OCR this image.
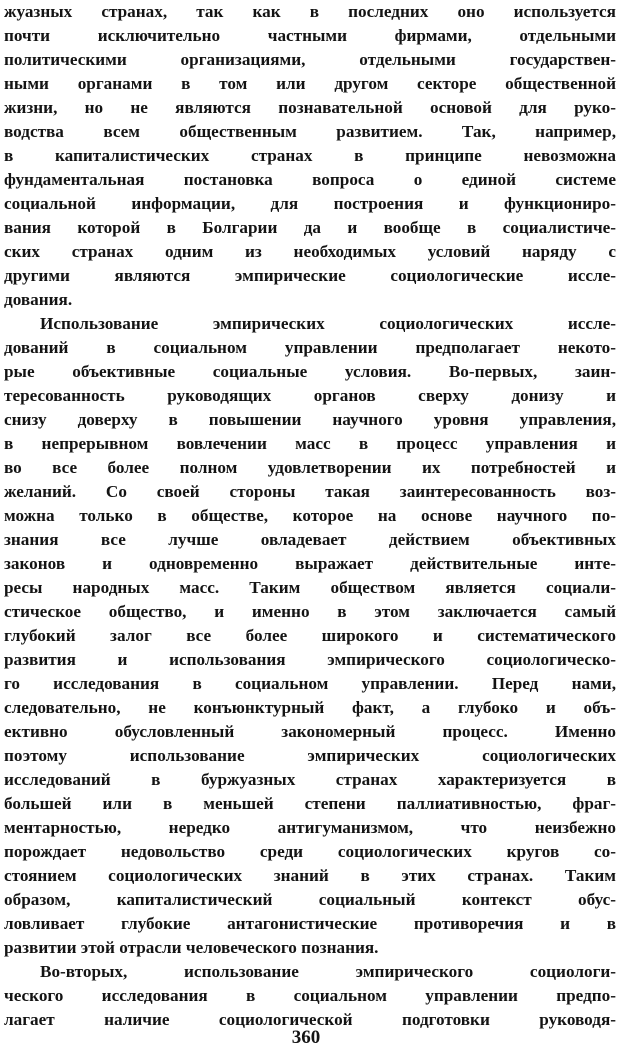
жуазных странах, так как в последних оно используется
почти исключительно частными фирмами, отдельными
политическими организациями, отдельными государствен-
ными органами в том или другом секторе общественной
жизни, но не являются познавательной основой для руко-
водства всем общественным развитием. Так, например,
в капиталистических странах в принципе невозможна
фундаментальная постановка вопроса о единой системе
социальной информации, для построения и функциониро-
вания которой в Болгарии да и вообще в социалистиче-
ских странах одним из необходимых условий наряду с
другими являются эмпирические социологические иссле-
дования.
Использование эмпирических социологических иссле-
дований в социальном управлении предполагает некото-
рые объективные социальные условия. Во-первых, заин-
тересованность руководящих органов сверху донизу и
снизу доверху в повышении научного уровня управления,
в непрерывном вовлечении масс в процесс управления и
во все более полном удовлетворении их потребностей и
желаний. Со своей стороны такая заинтересованность воз-
можна только в обществе, которое на основе научного по-
знания все лучше овладевает действием объективных
законов и одновременно выражает действительные инте-
ресы народных масс. Таким обществом является социали-
стическое общество, и именно в этом заключается самый
глубокий залог все более широкого и систематического
развития и использования эмпирического социологическо-
го исследования в социальном управлении. Перед нами,
следовательно, не конъюнктурный факт, а глубоко и объ-
ективно обусловленный закономерный процесс. Именно
поэтому использование эмпирических социологических
исследований в буржуазных странах характеризуется в
большей или в меньшей степени паллиативностью, фраг-
ментарностью, нередко антигуманизмом, что неизбежно
порождает недовольство среди социологических кругов со-
стоянием социологических знаний в этих странах. Таким
образом, капиталистический социальный контекст обус-
ловливает глубокие антагонистические противоречия и в
развитии этой отрасли человеческого познания.
Во-вторых, использование эмпирического социологи-
ческого исследования в социальном управлении предпо-
лагает наличие социологической подготовки руководя-
360
